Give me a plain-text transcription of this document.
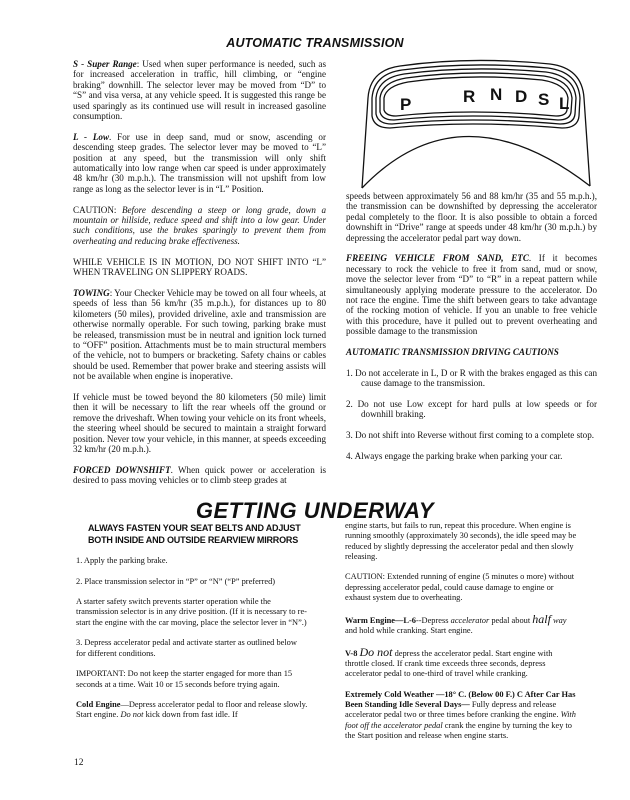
AUTOMATIC TRANSMISSION

S - Super Range: Used when super performance is needed, such as for increased acceleration in traffic, hill climbing, or “engine braking” downhill. The selector lever may be moved from “D” to “S” and visa versa, at any vehicle speed. It is suggested this range be used sparingly as its continued use will result in increased gasoline consumption.

L - Low. For use in deep sand, mud or snow, ascending or descending steep grades. The selector lever may be moved to “L” position at any speed, but the transmission will only shift automatically into low range when car speed is under approximately 48 km/hr (30 m.p.h.). The transmission will not upshift from low range as long as the selector lever is in “L” Position.

CAUTION: Before descending a steep or long grade, down a mountain or hillside, reduce speed and shift into a low gear. Under such conditions, use the brakes sparingly to prevent them from overheating and reducing brake effectiveness.

WHILE VEHICLE IS IN MOTION, DO NOT SHIFT INTO “L” WHEN TRAVELING ON SLIPPERY ROADS.

TOWING: Your Checker Vehicle may be towed on all four wheels, at speeds of less than 56 km/hr (35 m.p.h.), for distances up to 80 kilometers (50 miles), provided driveline, axle and transmission are otherwise normally operable. For such towing, parking brake must be released, transmission must be in neutral and ignition lock turned to “OFF” position. Attachments must be to main structural members of the vehicle, not to bumpers or bracketing. Safety chains or cables should be used. Remember that power brake and steering assists will not be available when engine is inoperative.

If vehicle must be towed beyond the 80 kilometers (50 mile) limit then it will be necessary to lift the rear wheels off the ground or remove the driveshaft. When towing your vehicle on its front wheels, the steering wheel should be secured to maintain a straight forward position. Never tow your vehicle, in this manner, at speeds exceeding 32 km/hr (20 m.p.h.).

FORCED DOWNSHIFT. When quick power or acceleration is desired to pass moving vehicles or to climb steep grades at

P	R N D S L

speeds between approximately 56 and 88 km/hr (35 and 55 m.p.h.), the transmission can be downshifted by depressing the accelerator pedal completely to the floor. It is also possible to obtain a forced downshift in “Drive” range at speeds under 48 km/hr (30 m.p.h.) by depressing the accelerator pedal part way down.

FREEING VEHICLE FROM SAND, ETC. If it becomes necessary to rock the vehicle to free it from sand, mud or snow, move the selector lever from “D” to “R” in a repeat pattern while simultaneously applying moderate pressure to the accelerator. Do not race the engine. Time the shift between gears to take advantage of the rocking motion of vehicle. If you an unable to free vehicle with this procedure, have it pulled out to prevent overheating and possible damage to the transmission

AUTOMATIC TRANSMISSION DRIVING CAUTIONS

1. Do not accelerate in L, D or R with the brakes engaged as this can cause damage to the transmission.

2. Do not use Low except for hard pulls at low speeds or for downhill braking.

3. Do not shift into Reverse without first coming to a complete stop.

4. Always engage the parking brake when parking your car.

GETTING UNDERWAY

ALWAYS FASTEN YOUR SEAT BELTS AND ADJUST BOTH INSIDE AND OUTSIDE REARVIEW MIRRORS

1. Apply the parking brake.

2. Place transmission selector in “P” or “N” (“P” preferred)

A starter safety switch prevents starter operation while the transmission selector is in any drive position. (If it is necessary to re-start the engine with the car moving, place the selector lever in “N”.)

3. Depress accelerator pedal and activate starter as outlined below for different conditions.

IMPORTANT: Do not keep the starter engaged for more than 15 seconds at a time. Wait 10 or 15 seconds before trying again.

Cold Engine—Depress accelerator pedal to floor and release slowly. Start engine. Do not kick down from fast idle. If

engine starts, but fails to run, repeat this procedure. When engine is running smoothly (approximately 30 seconds), the idle speed may be reduced by slightly depressing the accelerator pedal and then slowly releasing.

CAUTION: Extended running of engine (5 minutes o more) without depressing accelerator pedal, could cause damage to engine or exhaust system due to overheating.

Warm Engine—L-6--Depress accelerator pedal about half way and hold while cranking. Start engine.

V-8 Do not depress the accelerator pedal. Start engine with throttle closed. If crank time exceeds three seconds, depress accelerator pedal to one-third of travel while cranking.

Extremely Cold Weather —18° C. (Below 00 F.) C After Car Has Been Standing Idle Several Days— Fully depress and release accelerator pedal two or three times before cranking the engine. With foot off the accelerator pedal crank the engine by turning the key to the Start position and release when engine starts.

12
